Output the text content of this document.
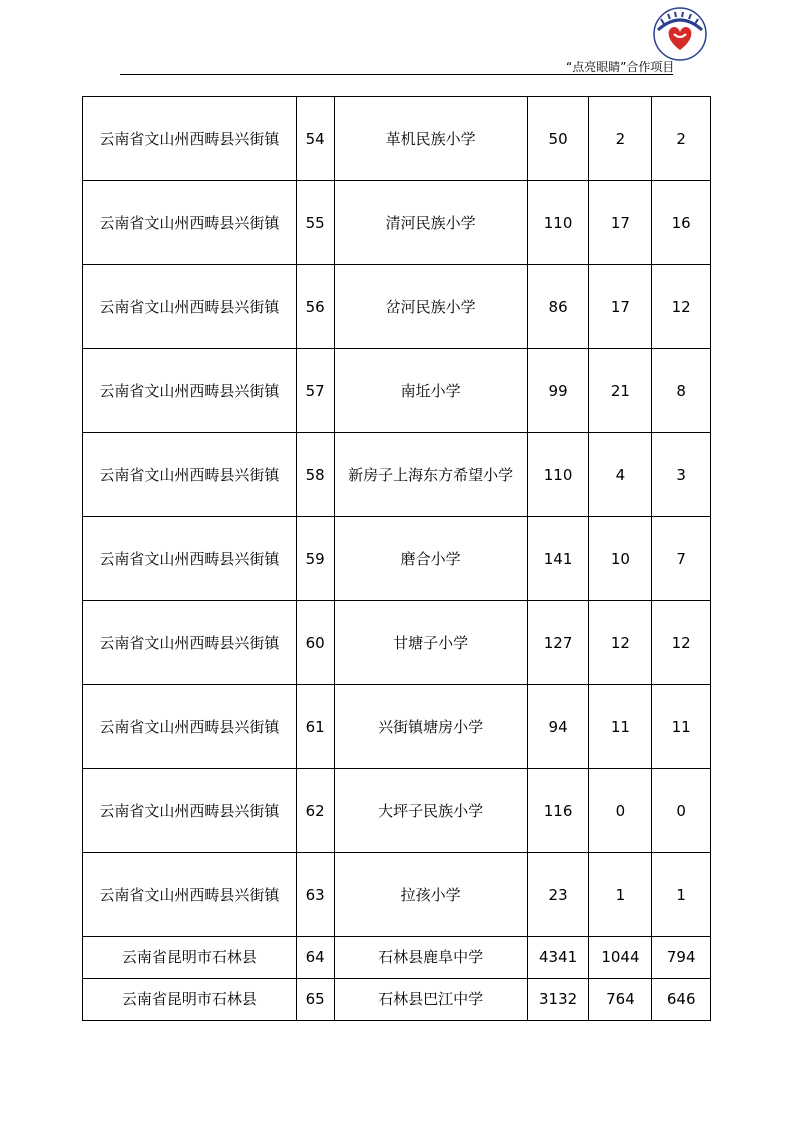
“点亮眼睛”合作项目
云南省文山州西畴县兴街镇	54	革机民族小学	50	2	2
云南省文山州西畴县兴街镇	55	清河民族小学	110	17	16
云南省文山州西畴县兴街镇	56	岔河民族小学	86	17	12
云南省文山州西畴县兴街镇	57	南坵小学	99	21	8
云南省文山州西畴县兴街镇	58	新房子上海东方希望小学	110	4	3
云南省文山州西畴县兴街镇	59	磨合小学	141	10	7
云南省文山州西畴县兴街镇	60	甘塘子小学	127	12	12
云南省文山州西畴县兴街镇	61	兴街镇塘房小学	94	11	11
云南省文山州西畴县兴街镇	62	大坪子民族小学	116	0	0
云南省文山州西畴县兴街镇	63	拉孩小学	23	1	1
云南省昆明市石林县	64	石林县鹿阜中学	4341	1044	794
云南省昆明市石林县	65	石林县巴江中学	3132	764	646
